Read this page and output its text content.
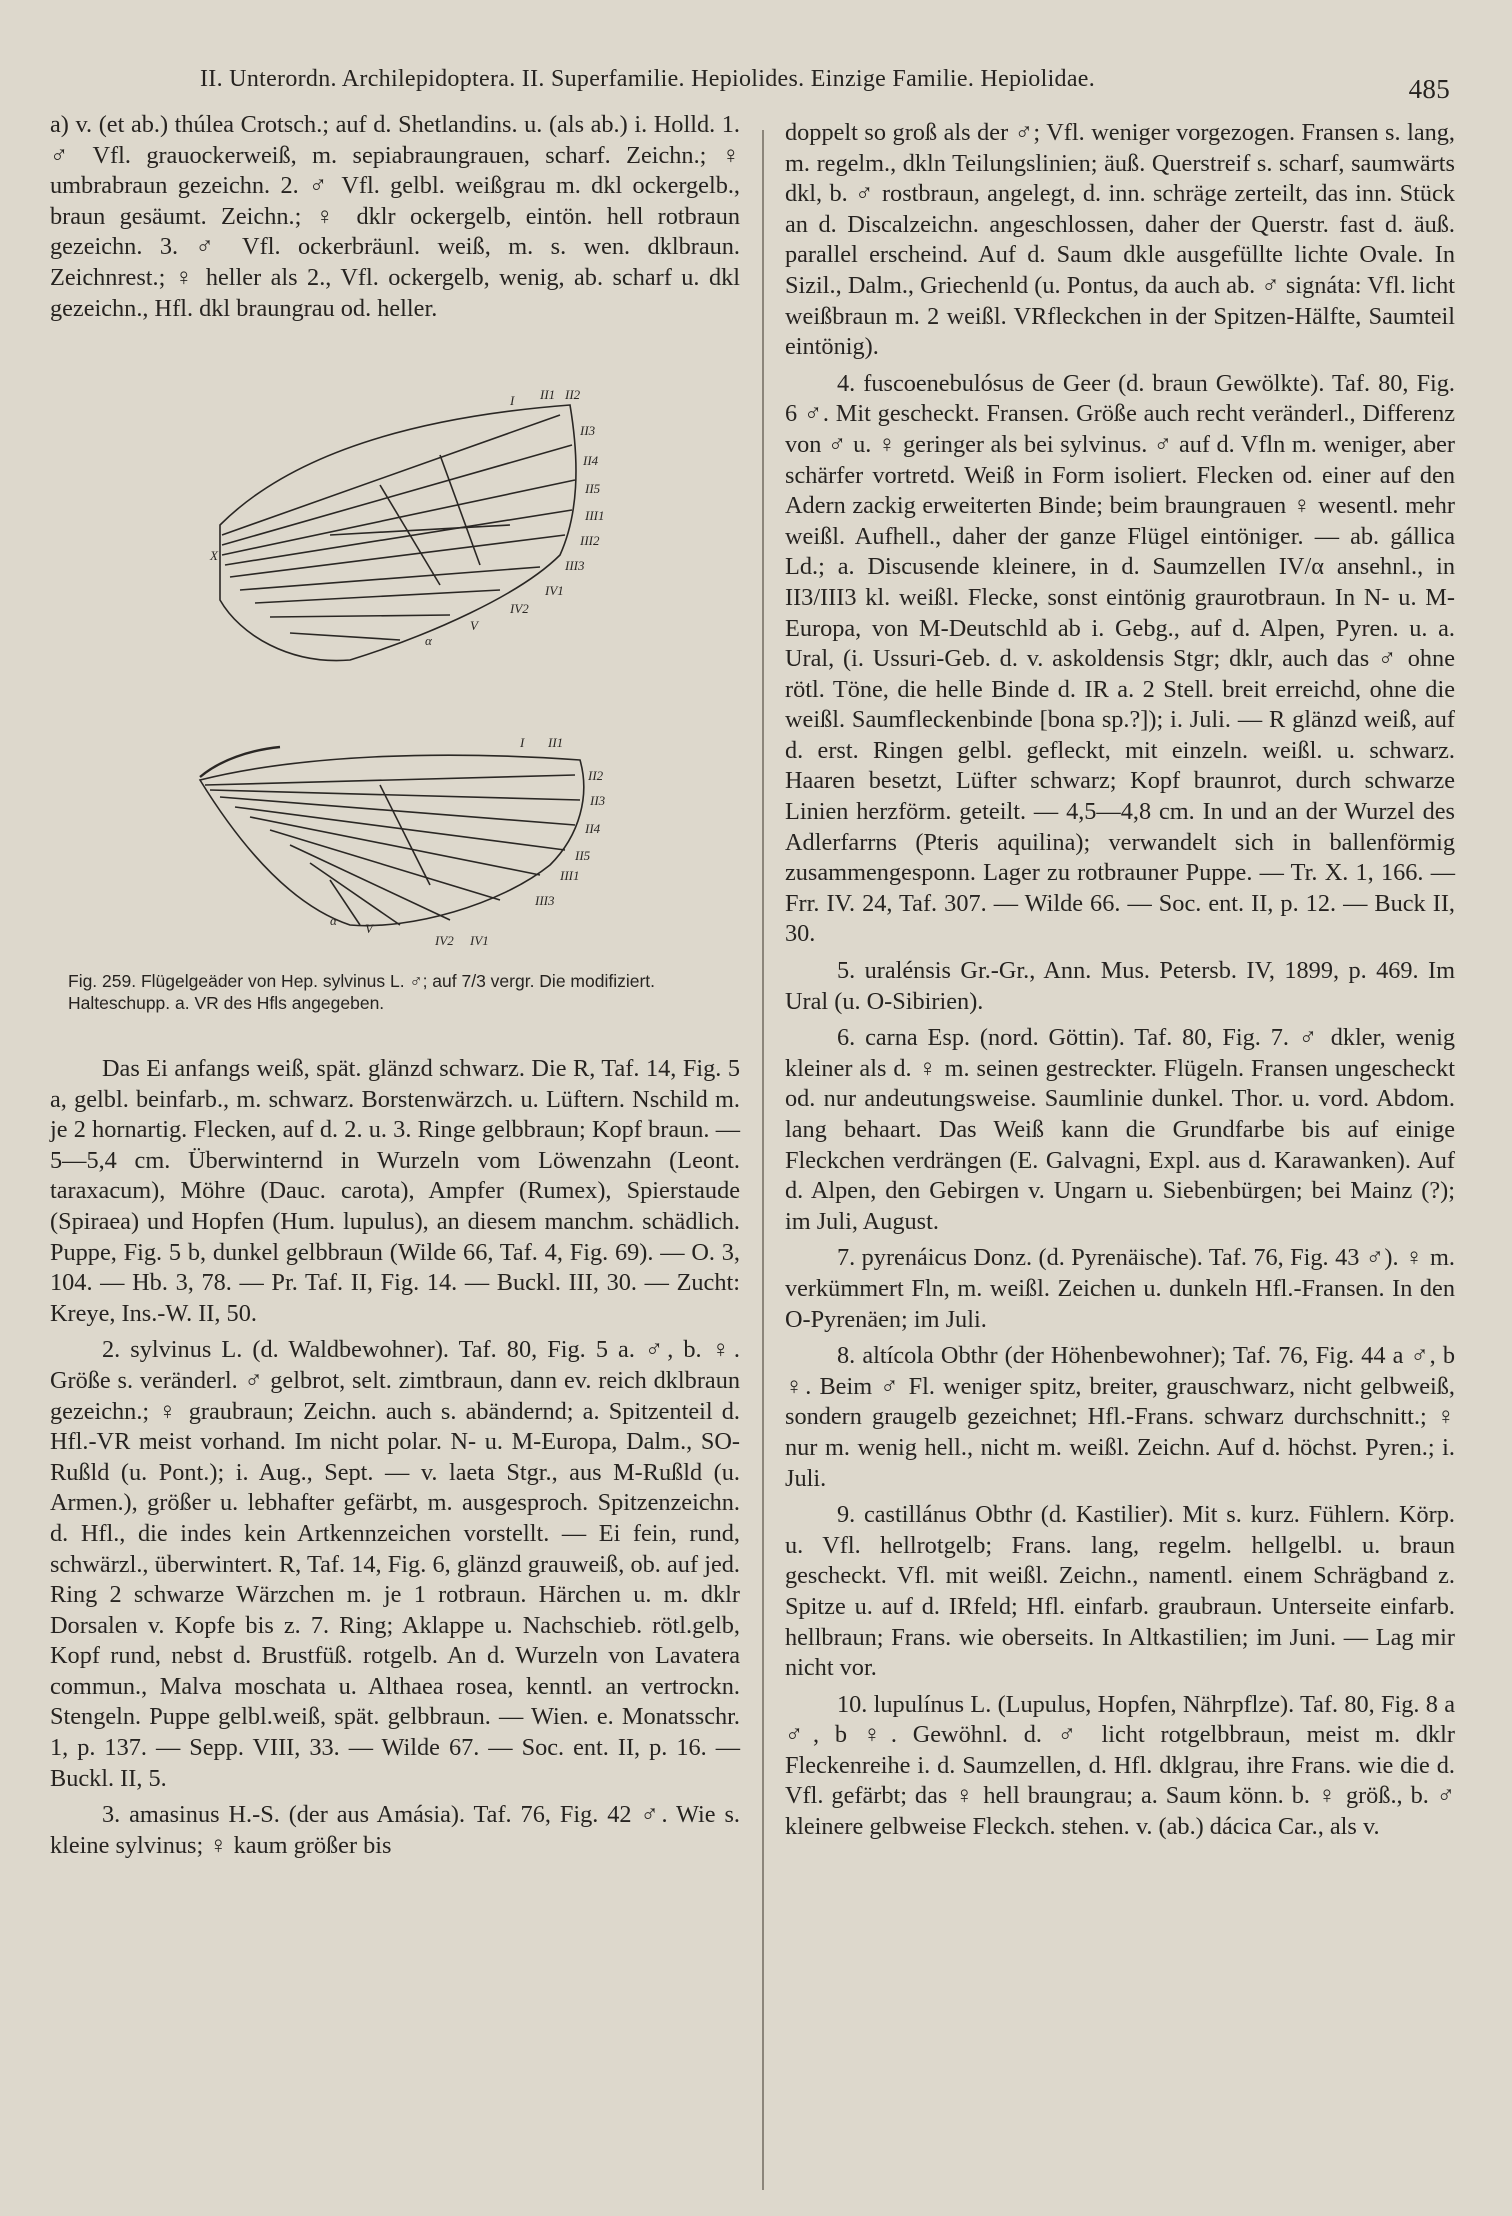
II. Unterordn. Archilepidoptera. II. Superfamilie. Hepiolides. Einzige Familie. Hepiolidae.	485

a) v. (et ab.) thúlea Crotsch.; auf d. Shetlandins. u. (als ab.) i. Holld. 1. ♂ Vfl. grauockerweiß, m. sepiabraungrauen, scharf. Zeichn.; ♀ umbrabraun gezeichn. 2. ♂ Vfl. gelbl. weißgrau m. dkl ockergelb., braun gesäumt. Zeichn.; ♀ dklr ockergelb, eintön. hell rotbraun gezeichn. 3. ♂ Vfl. ockerbräunl. weiß, m. s. wen. dklbraun. Zeichnrest.; ♀ heller als 2., Vfl. ockergelb, wenig, ab. scharf u. dkl gezeichn., Hfl. dkl braungrau od. heller.

Das Ei anfangs weiß, spät. glänzd schwarz. Die R, Taf. 14, Fig. 5 a, gelbl. beinfarb., m. schwarz. Borstenwärzch. u. Lüftern. Nschild m. je 2 hornartig. Flecken, auf d. 2. u. 3. Ringe gelbbraun; Kopf braun. — 5—5,4 cm. Überwinternd in Wurzeln vom Löwenzahn (Leont. taraxacum), Möhre (Dauc. carota), Ampfer (Rumex), Spierstaude (Spiraea) und Hopfen (Hum. lupulus), an diesem manchm. schädlich. Puppe, Fig. 5 b, dunkel gelbbraun (Wilde 66, Taf. 4, Fig. 69). — O. 3, 104. — Hb. 3, 78. — Pr. Taf. II, Fig. 14. — Buckl. III, 30. — Zucht: Kreye, Ins.-W. II, 50.

2. sylvinus L. (d. Waldbewohner). Taf. 80, Fig. 5 a. ♂, b. ♀. Größe s. veränderl. ♂ gelbrot, selt. zimtbraun, dann ev. reich dklbraun gezeichn.; ♀ graubraun; Zeichn. auch s. abändernd; a. Spitzenteil d. Hfl.-VR meist vorhand. Im nicht polar. N- u. M-Europa, Dalm., SO-Rußld (u. Pont.); i. Aug., Sept. — v. laeta Stgr., aus M-Rußld (u. Armen.), größer u. lebhafter gefärbt, m. ausgesproch. Spitzenzeichn. d. Hfl., die indes kein Artkennzeichen vorstellt. — Ei fein, rund, schwärzl., überwintert. R, Taf. 14, Fig. 6, glänzd grauweiß, ob. auf jed. Ring 2 schwarze Wärzchen m. je 1 rotbraun. Härchen u. m. dklr Dorsalen v. Kopfe bis z. 7. Ring; Aklappe u. Nachschieb. rötl.gelb, Kopf rund, nebst d. Brustfüß. rotgelb. An d. Wurzeln von Lavatera commun., Malva moschata u. Althaea rosea, kenntl. an vertrockn. Stengeln. Puppe gelbl.weiß, spät. gelbbraun. — Wien. e. Monatsschr. 1, p. 137. — Sepp. VIII, 33. — Wilde 67. — Soc. ent. II, p. 16. — Buckl. II, 5.

3. amasinus H.-S. (der aus Amásia). Taf. 76, Fig. 42 ♂. Wie s. kleine sylvinus; ♀ kaum größer bis

I II1 II2
II3
II4
II5
III1
III2
III3
IV1
IV2
V
X
α
I II1
II2
II3
II4
II5
III1
III3
IV1
IV2
V
α
Fig. 259. Flügelgeäder von Hep. sylvinus L. ♂; auf 7/3 vergr. Die modifiziert. Halteschupp. a. VR des Hfls angegeben.

doppelt so groß als der ♂; Vfl. weniger vorgezogen. Fransen s. lang, m. regelm., dkln Teilungslinien; äuß. Querstreif s. scharf, saumwärts dkl, b. ♂ rostbraun, angelegt, d. inn. schräge zerteilt, das inn. Stück an d. Discalzeichn. angeschlossen, daher der Querstr. fast d. äuß. parallel erscheind. Auf d. Saum dkle ausgefüllte lichte Ovale. In Sizil., Dalm., Griechenld (u. Pontus, da auch ab. ♂ signáta: Vfl. licht weißbraun m. 2 weißl. VRfleckchen in der Spitzen-Hälfte, Saumteil eintönig).

4. fuscoenebulósus de Geer (d. braun Gewölkte). Taf. 80, Fig. 6 ♂. Mit gescheckt. Fransen. Größe auch recht veränderl., Differenz von ♂ u. ♀ geringer als bei sylvinus. ♂ auf d. Vfln m. weniger, aber schärfer vortretd. Weiß in Form isoliert. Flecken od. einer auf den Adern zackig erweiterten Binde; beim braungrauen ♀ wesentl. mehr weißl. Aufhell., daher der ganze Flügel eintöniger. — ab. gállica Ld.; a. Discusende kleinere, in d. Saumzellen IV/α ansehnl., in II3/III3 kl. weißl. Flecke, sonst eintönig graurotbraun. In N- u. M-Europa, von M-Deutschld ab i. Gebg., auf d. Alpen, Pyren. u. a. Ural, (i. Ussuri-Geb. d. v. askoldensis Stgr; dklr, auch das ♂ ohne rötl. Töne, die helle Binde d. IR a. 2 Stell. breit erreichd, ohne die weißl. Saumfleckenbinde [bona sp.?]); i. Juli. — R glänzd weiß, auf d. erst. Ringen gelbl. gefleckt, mit einzeln. weißl. u. schwarz. Haaren besetzt, Lüfter schwarz; Kopf braunrot, durch schwarze Linien herzförm. geteilt. — 4,5—4,8 cm. In und an der Wurzel des Adlerfarrns (Pteris aquilina); verwandelt sich in ballenförmig zusammengesponn. Lager zu rotbrauner Puppe. — Tr. X. 1, 166. — Frr. IV. 24, Taf. 307. — Wilde 66. — Soc. ent. II, p. 12. — Buck II, 30.

5. uralénsis Gr.-Gr., Ann. Mus. Petersb. IV, 1899, p. 469. Im Ural (u. O-Sibirien).

6. carna Esp. (nord. Göttin). Taf. 80, Fig. 7. ♂ dkler, wenig kleiner als d. ♀ m. seinen gestreckter. Flügeln. Fransen ungescheckt od. nur andeutungsweise. Saumlinie dunkel. Thor. u. vord. Abdom. lang behaart. Das Weiß kann die Grundfarbe bis auf einige Fleckchen verdrängen (E. Galvagni, Expl. aus d. Karawanken). Auf d. Alpen, den Gebirgen v. Ungarn u. Siebenbürgen; bei Mainz (?); im Juli, August.

7. pyrenáicus Donz. (d. Pyrenäische). Taf. 76, Fig. 43 ♂). ♀ m. verkümmert Fln, m. weißl. Zeichen u. dunkeln Hfl.-Fransen. In den O-Pyrenäen; im Juli.

8. altícola Obthr (der Höhenbewohner); Taf. 76, Fig. 44 a ♂, b ♀. Beim ♂ Fl. weniger spitz, breiter, grauschwarz, nicht gelbweiß, sondern graugelb gezeichnet; Hfl.-Frans. schwarz durchschnitt.; ♀ nur m. wenig hell., nicht m. weißl. Zeichn. Auf d. höchst. Pyren.; i. Juli.

9. castillánus Obthr (d. Kastilier). Mit s. kurz. Fühlern. Körp. u. Vfl. hellrotgelb; Frans. lang, regelm. hellgelbl. u. braun gescheckt. Vfl. mit weißl. Zeichn., namentl. einem Schrägband z. Spitze u. auf d. IRfeld; Hfl. einfarb. graubraun. Unterseite einfarb. hellbraun; Frans. wie oberseits. In Altkastilien; im Juni. — Lag mir nicht vor.

10. lupulínus L. (Lupulus, Hopfen, Nährpflze). Taf. 80, Fig. 8 a ♂, b ♀. Gewöhnl. d. ♂ licht rotgelbbraun, meist m. dklr Fleckenreihe i. d. Saumzellen, d. Hfl. dklgrau, ihre Frans. wie die d. Vfl. gefärbt; das ♀ hell braungrau; a. Saum könn. b. ♀ größ., b. ♂ kleinere gelbweise Fleckch. stehen. v. (ab.) dácica Car., als v.
